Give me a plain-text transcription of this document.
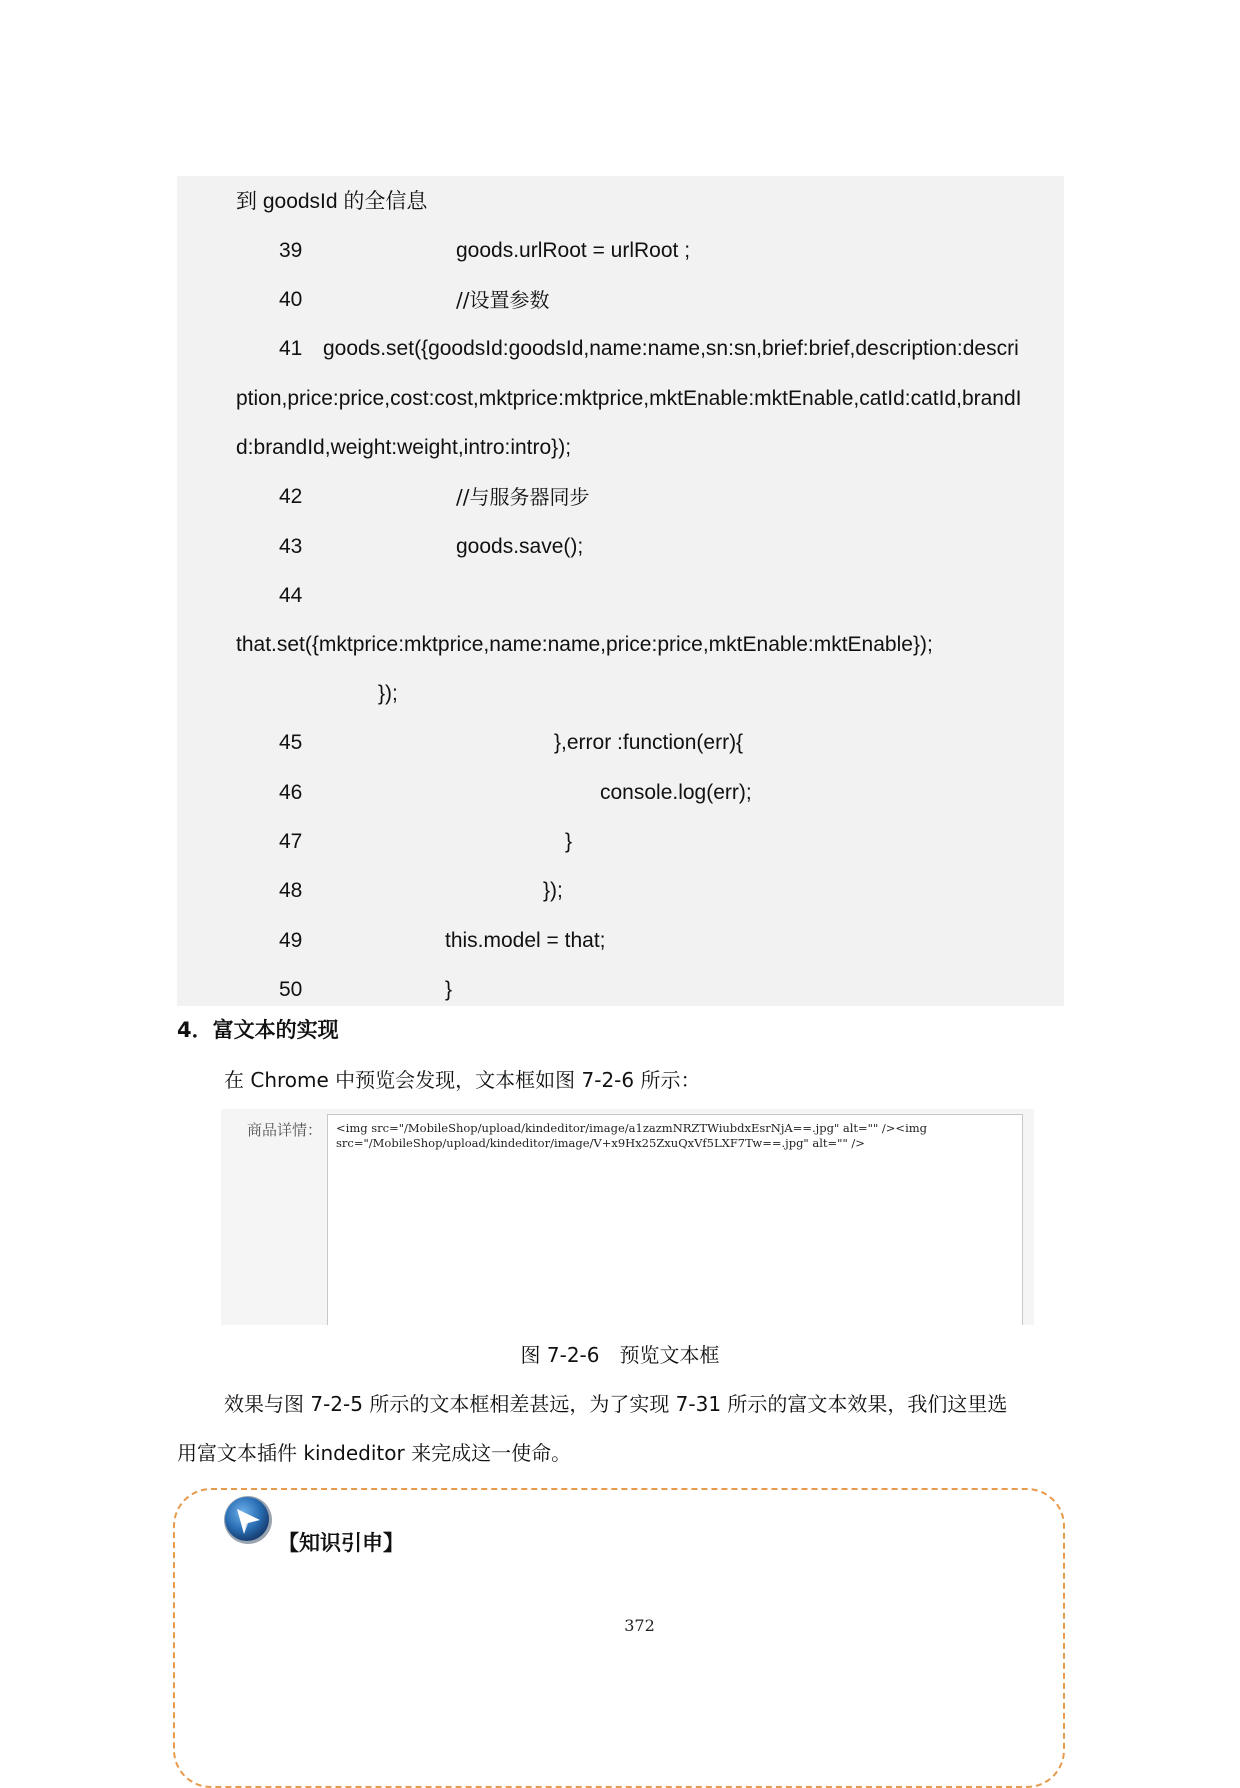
到 goodsId 的全信息
39	goods.urlRoot = urlRoot ;
40	//设置参数
41 goods.set({goodsId:goodsId,name:name,sn:sn,brief:brief,description:descri
ption,price:price,cost:cost,mktprice:mktprice,mktEnable:mktEnable,catId:catId,brandI
d:brandId,weight:weight,intro:intro});
42	//与服务器同步
43	goods.save();
44
that.set({mktprice:mktprice,name:name,price:price,mktEnable:mktEnable});
});
45	},error :function(err){
46	console.log(err);
47	}
48	});
49	this.model = that;
50	}
4．富文本的实现
在 Chrome 中预览会发现，文本框如图 7-2-6 所示：
商品详情：	<img src="/MobileShop/upload/kindeditor/image/a1zazmNRZTWiubdxEsrNjA==.jpg" alt="" /><img
src="/MobileShop/upload/kindeditor/image/V+x9Hx25ZxuQxVf5LXF7Tw==.jpg" alt="" />
图 7-2-6　预览文本框
效果与图 7-2-5 所示的文本框相差甚远，为了实现 7-31 所示的富文本效果，我们这里选
用富文本插件 kindeditor 来完成这一使命。
【知识引申】
372
